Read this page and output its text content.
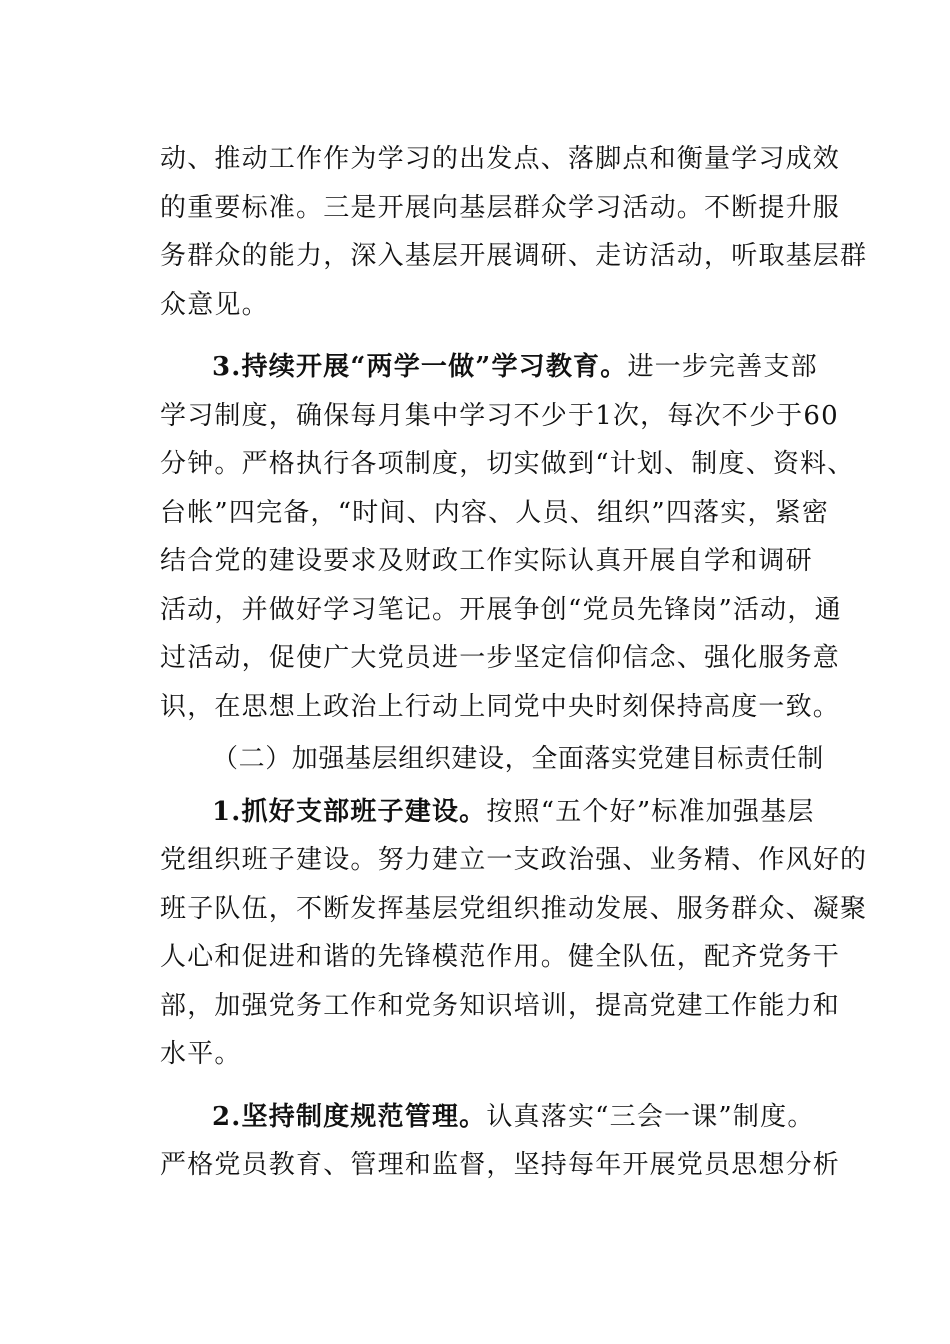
动、推动工作作为学习的出发点、落脚点和衡量学习成效
的重要标准。三是开展向基层群众学习活动。不断提升服
务群众的能力，深入基层开展调研、走访活动，听取基层群
众意见。
3.持续开展“两学一做”学习教育。进一步完善支部
学习制度，确保每月集中学习不少于1次，每次不少于60
分钟。严格执行各项制度，切实做到“计划、制度、资料、
台帐”四完备，“时间、内容、人员、组织”四落实，紧密
结合党的建设要求及财政工作实际认真开展自学和调研
活动，并做好学习笔记。开展争创“党员先锋岗”活动，通
过活动，促使广大党员进一步坚定信仰信念、强化服务意
识，在思想上政治上行动上同党中央时刻保持高度一致。
（二）加强基层组织建设，全面落实党建目标责任制
1.抓好支部班子建设。按照“五个好”标准加强基层
党组织班子建设。努力建立一支政治强、业务精、作风好的
班子队伍，不断发挥基层党组织推动发展、服务群众、凝聚
人心和促进和谐的先锋模范作用。健全队伍，配齐党务干
部，加强党务工作和党务知识培训，提高党建工作能力和
水平。
2.坚持制度规范管理。认真落实“三会一课”制度。
严格党员教育、管理和监督，坚持每年开展党员思想分析
